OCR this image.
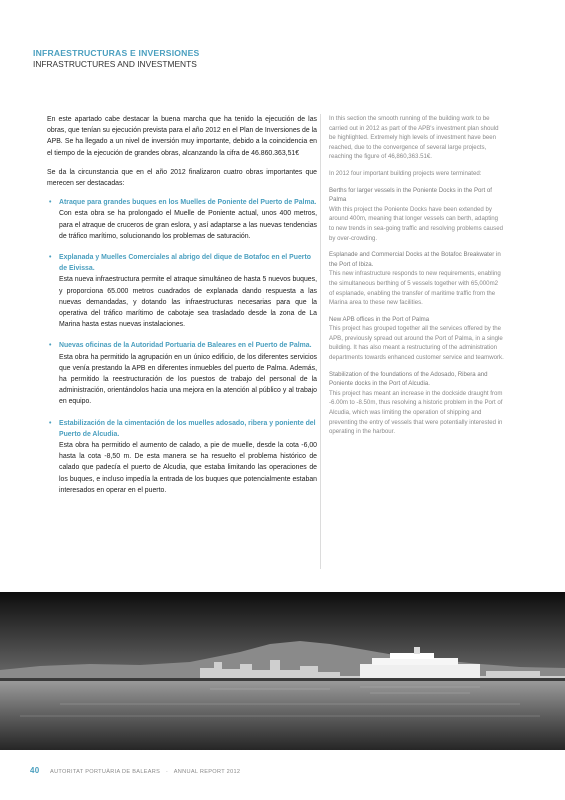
INFRAESTRUCTURAS E INVERSIONES
INFRASTRUCTURES AND INVESTMENTS

En este apartado cabe destacar la buena marcha que ha tenido la ejecución de las obras, que tenían su ejecución prevista para el año 2012 en el Plan de Inversiones de la APB. Se ha llegado a un nivel de inversión muy importante, debido a la coincidencia en el tiempo de la ejecución de grandes obras, alcanzando la cifra de 46.860.363,51€

Se da la circunstancia que en el año 2012 finalizaron cuatro obras importantes que merecen ser destacadas:

• Atraque para grandes buques en los Muelles de Poniente del Puerto de Palma.
Con esta obra se ha prolongado el Muelle de Poniente actual, unos 400 metros, para el atraque de cruceros de gran eslora, y así adaptarse a las nuevas tendencias de tráfico marítimo, solucionando los problemas de saturación.
• Explanada y Muelles Comerciales al abrigo del dique de Botafoc en el Puerto de Eivissa.
Esta nueva infraestructura permite el atraque simultáneo de hasta 5 nuevos buques, y proporciona 65.000 metros cuadrados de explanada dando respuesta a las nuevas demandadas, y dotando las infraestructuras necesarias para que la operativa del tráfico marítimo de cabotaje sea trasladado desde la zona de La Marina hasta estas nuevas instalaciones.
• Nuevas oficinas de la Autoridad Portuaria de Baleares en el Puerto de Palma.
Esta obra ha permitido la agrupación en un único edificio, de los diferentes servicios que venía prestando la APB en diferentes inmuebles del puerto de Palma. Además, ha permitido la reestructuración de los puestos de trabajo del personal de la administración, orientándolos hacia una mejora en la atención al público y al trabajo en equipo.
• Estabilización de la cimentación de los muelles adosado, ribera y poniente del Puerto de Alcudia.
Esta obra ha permitido el aumento de calado, a pie de muelle, desde la cota -6,00 hasta la cota -8,50 m. De esta manera se ha resuelto el problema histórico de calado que padecía el puerto de Alcudia, que estaba limitando las operaciones de los buques, e incluso impedía la entrada de los buques que potencialmente estaban interesados en operar en el puerto.

In this section the smooth running of the building work to be carried out in 2012 as part of the APB's investment plan should be highlighted. Extremely high levels of investment have been reached, due to the convergence of several large projects, reaching the figure of 46,860,363.51€.

In 2012 four important building projects were terminated:

Berths for larger vessels in the Poniente Docks in the Port of Palma
With this project the Poniente Docks have been extended by around 400m, meaning that longer vessels can berth, adapting to new trends in sea-going traffic and resolving problems caused by over-crowding.

Esplanade and Commercial Docks at the Botafoc Breakwater in the Port of Ibiza.
This new infrastructure responds to new requirements, enabling the simultaneous berthing of 5 vessels together with 65,000m2 of esplanade, enabling the transfer of maritime traffic from the Marina area to these new facilities.

New APB offices in the Port of Palma
This project has grouped together all the services offered by the APB, previously spread out around the Port of Palma, in a single building. It has also meant a restructuring of the administration departments towards enhanced customer service and teamwork.

Stabilization of the foundations of the Adosado, Ribera and Poniente docks in the Port of Alcudia.
This project has meant an increase in the dockside draught from -6.00m to -8.50m, thus resolving a historic problem in the Port of Alcudia, which was limiting the operation of shipping and preventing the entry of vessels that were potentially interested in operating in the harbour.

40 AUTORITAT PORTUÀRIA DE BALEARS · ANNUAL REPORT 2012
